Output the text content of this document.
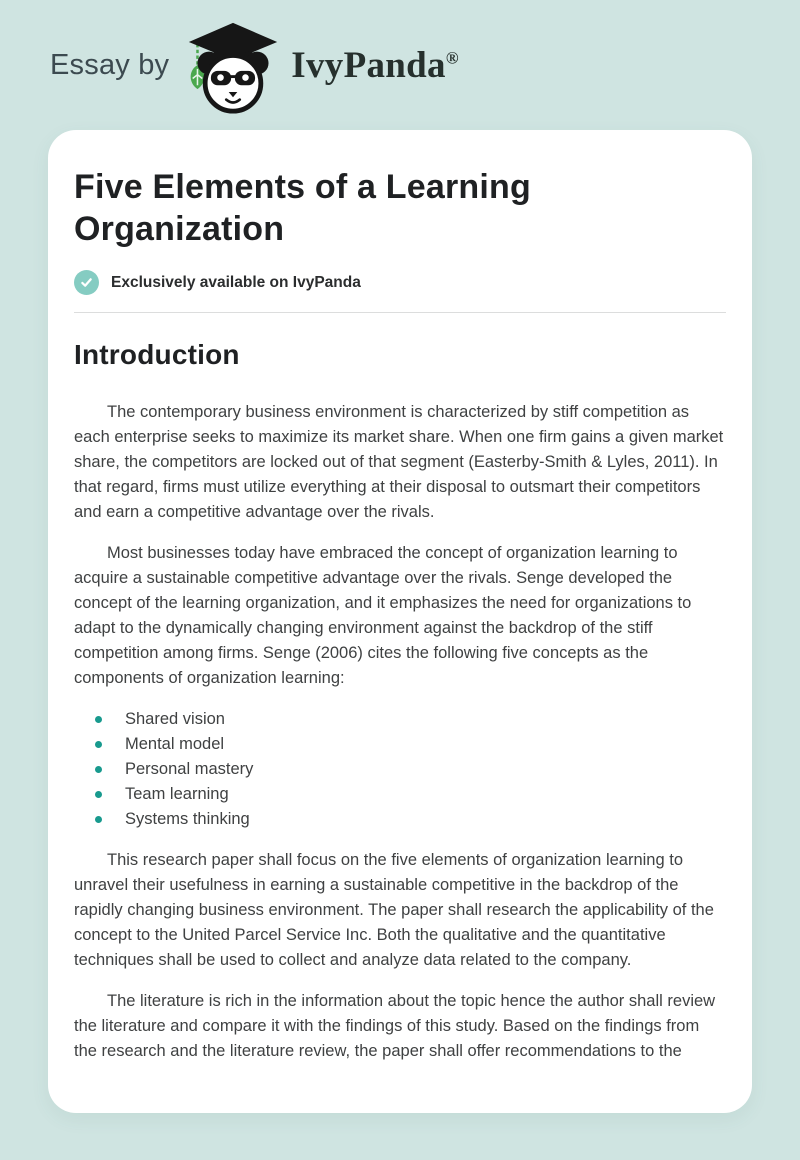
Essay by	IvyPanda®
Five Elements of a Learning Organization
Exclusively available on IvyPanda
Introduction

The contemporary business environment is characterized by stiff competition as each enterprise seeks to maximize its market share. When one firm gains a given market share, the competitors are locked out of that segment (Easterby-Smith & Lyles, 2011). In that regard, firms must utilize everything at their disposal to outsmart their competitors and earn a competitive advantage over the rivals.

Most businesses today have embraced the concept of organization learning to acquire a sustainable competitive advantage over the rivals. Senge developed the concept of the learning organization, and it emphasizes the need for organizations to adapt to the dynamically changing environment against the backdrop of the stiff competition among firms. Senge (2006) cites the following five concepts as the components of organization learning:

Shared vision
Mental model
Personal mastery
Team learning
Systems thinking

This research paper shall focus on the five elements of organization learning to unravel their usefulness in earning a sustainable competitive in the backdrop of the rapidly changing business environment. The paper shall research the applicability of the concept to the United Parcel Service Inc. Both the qualitative and the quantitative techniques shall be used to collect and analyze data related to the company.

The literature is rich in the information about the topic hence the author shall review the literature and compare it with the findings of this study. Based on the findings from the research and the literature review, the paper shall offer recommendations to the
